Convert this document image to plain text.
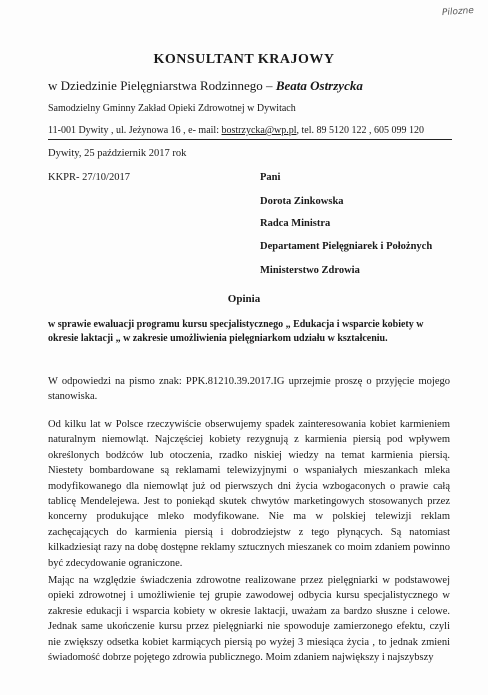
Pilozne
KONSULTANT KRAJOWY
w Dziedzinie Pielęgniarstwa Rodzinnego – Beata Ostrzycka
Samodzielny Gminny Zakład Opieki Zdrowotnej w Dywitach
11-001 Dywity , ul. Jeżynowa 16 , e- mail: bostrzycka@wp.pl, tel. 89 5120 122 , 605 099 120
Dywity, 25 październik 2017 rok
KKPR- 27/10/2017	Pani
Dorota Zinkowska
Radca Ministra
Departament Pielęgniarek i Położnych
Ministerstwo Zdrowia
Opinia
w sprawie ewaluacji programu kursu specjalistycznego „ Edukacja i wsparcie kobiety w okresie laktacji „ w zakresie umożliwienia pielęgniarkom udziału w kształceniu.
W odpowiedzi na pismo znak: PPK.81210.39.2017.IG uprzejmie proszę o przyjęcie mojego stanowiska.
Od kilku lat w Polsce rzeczywiście obserwujemy spadek zainteresowania kobiet karmieniem naturalnym niemowląt. Najczęściej kobiety rezygnują z karmienia piersią pod wpływem określonych bodźców lub otoczenia, rzadko niskiej wiedzy na temat karmienia piersią. Niestety bombardowane są reklamami telewizyjnymi o wspaniałych mieszankach mleka modyfikowanego dla niemowląt już od pierwszych dni życia wzbogaconych o prawie całą tablicę Mendelejewa. Jest to poniekąd skutek chwytów marketingowych stosowanych przez koncerny produkujące mleko modyfikowane. Nie ma w polskiej telewizji reklam zachęcających do karmienia piersią i dobrodziejstw z tego płynących. Są natomiast kilkadziesiąt razy na dobę dostępne reklamy sztucznych mieszanek co moim zdaniem powinno być zdecydowanie ograniczone.
Mając na względzie świadczenia zdrowotne realizowane przez pielęgniarki w podstawowej opieki zdrowotnej i umożliwienie tej grupie zawodowej odbycia kursu specjalistycznego w zakresie edukacji i wsparcia kobiety w okresie laktacji, uważam za bardzo słuszne i celowe. Jednak same ukończenie kursu przez pielęgniarki nie spowoduje zamierzonego efektu, czyli nie zwiększy odsetka kobiet karmiących piersią po wyżej 3 miesiąca życia , to jednak zmieni świadomość dobrze pojętego zdrowia publicznego. Moim zdaniem największy i najszybszy
